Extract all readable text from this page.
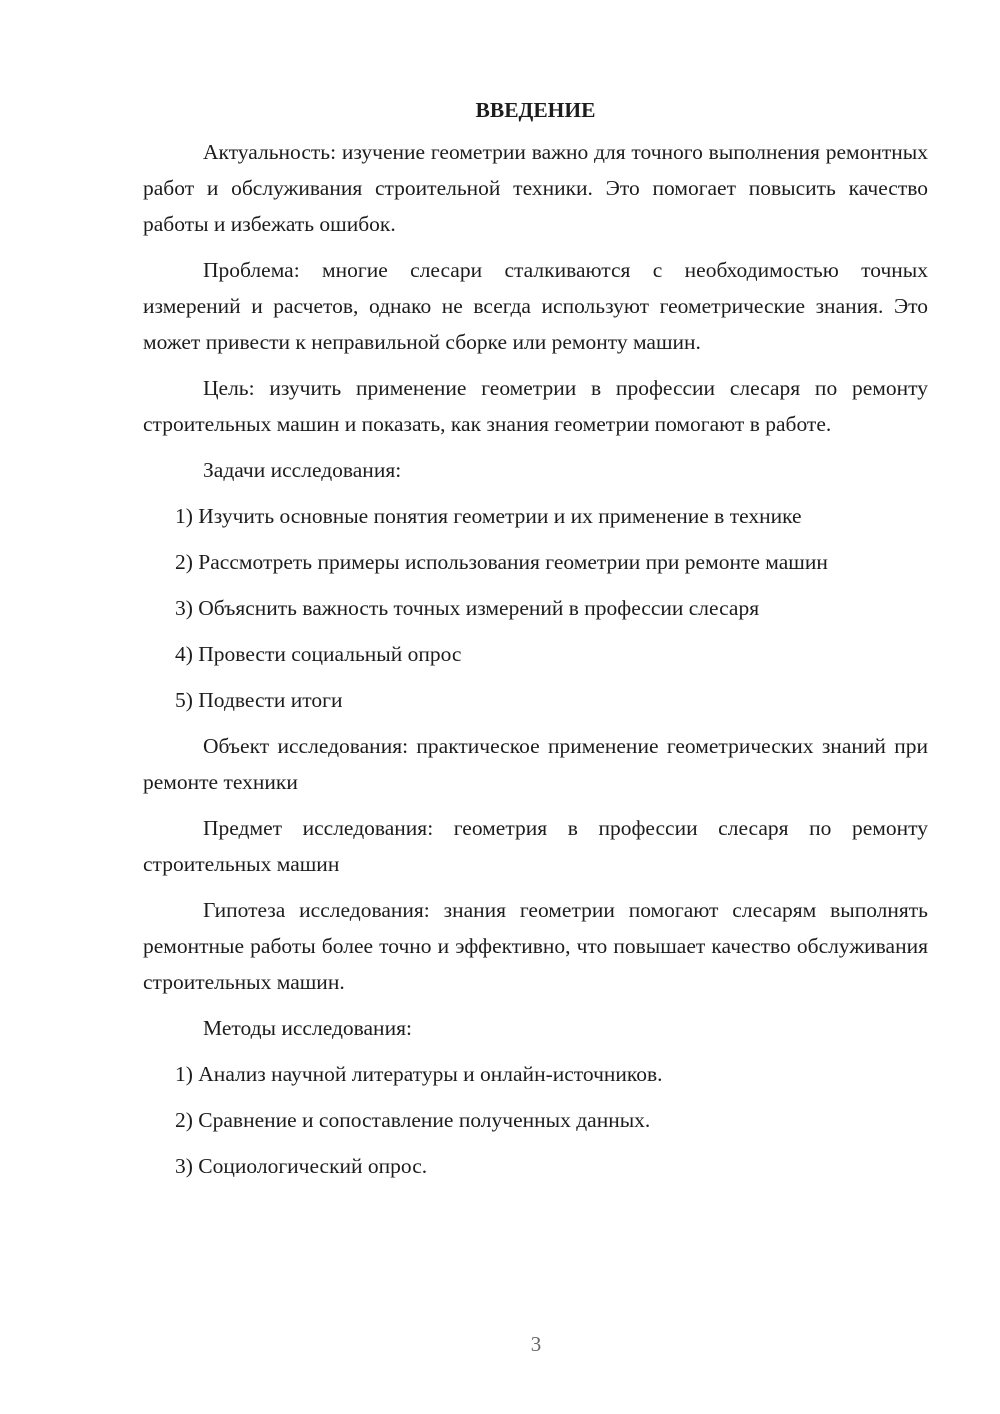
ВВЕДЕНИЕ

Актуальность: изучение геометрии важно для точного выполнения ремонтных работ и обслуживания строительной техники. Это помогает повысить качество работы и избежать ошибок.

Проблема: многие слесари сталкиваются с необходимостью точных измерений и расчетов, однако не всегда используют геометрические знания. Это может привести к неправильной сборке или ремонту машин.

Цель: изучить применение геометрии в профессии слесаря по ремонту строительных машин и показать, как знания геометрии помогают в работе.

Задачи исследования:

1) Изучить основные понятия геометрии и их применение в технике

2) Рассмотреть примеры использования геометрии при ремонте машин

3) Объяснить важность точных измерений в профессии слесаря

4) Провести социальный опрос

5) Подвести итоги

Объект исследования: практическое применение геометрических знаний при ремонте техники

Предмет исследования: геометрия в профессии слесаря по ремонту строительных машин

Гипотеза исследования: знания геометрии помогают слесарям выполнять ремонтные работы более точно и эффективно, что повышает качество обслуживания строительных машин.

Методы исследования:

1) Анализ научной литературы и онлайн-источников.

2) Сравнение и сопоставление полученных данных.

3) Социологический опрос.

3
